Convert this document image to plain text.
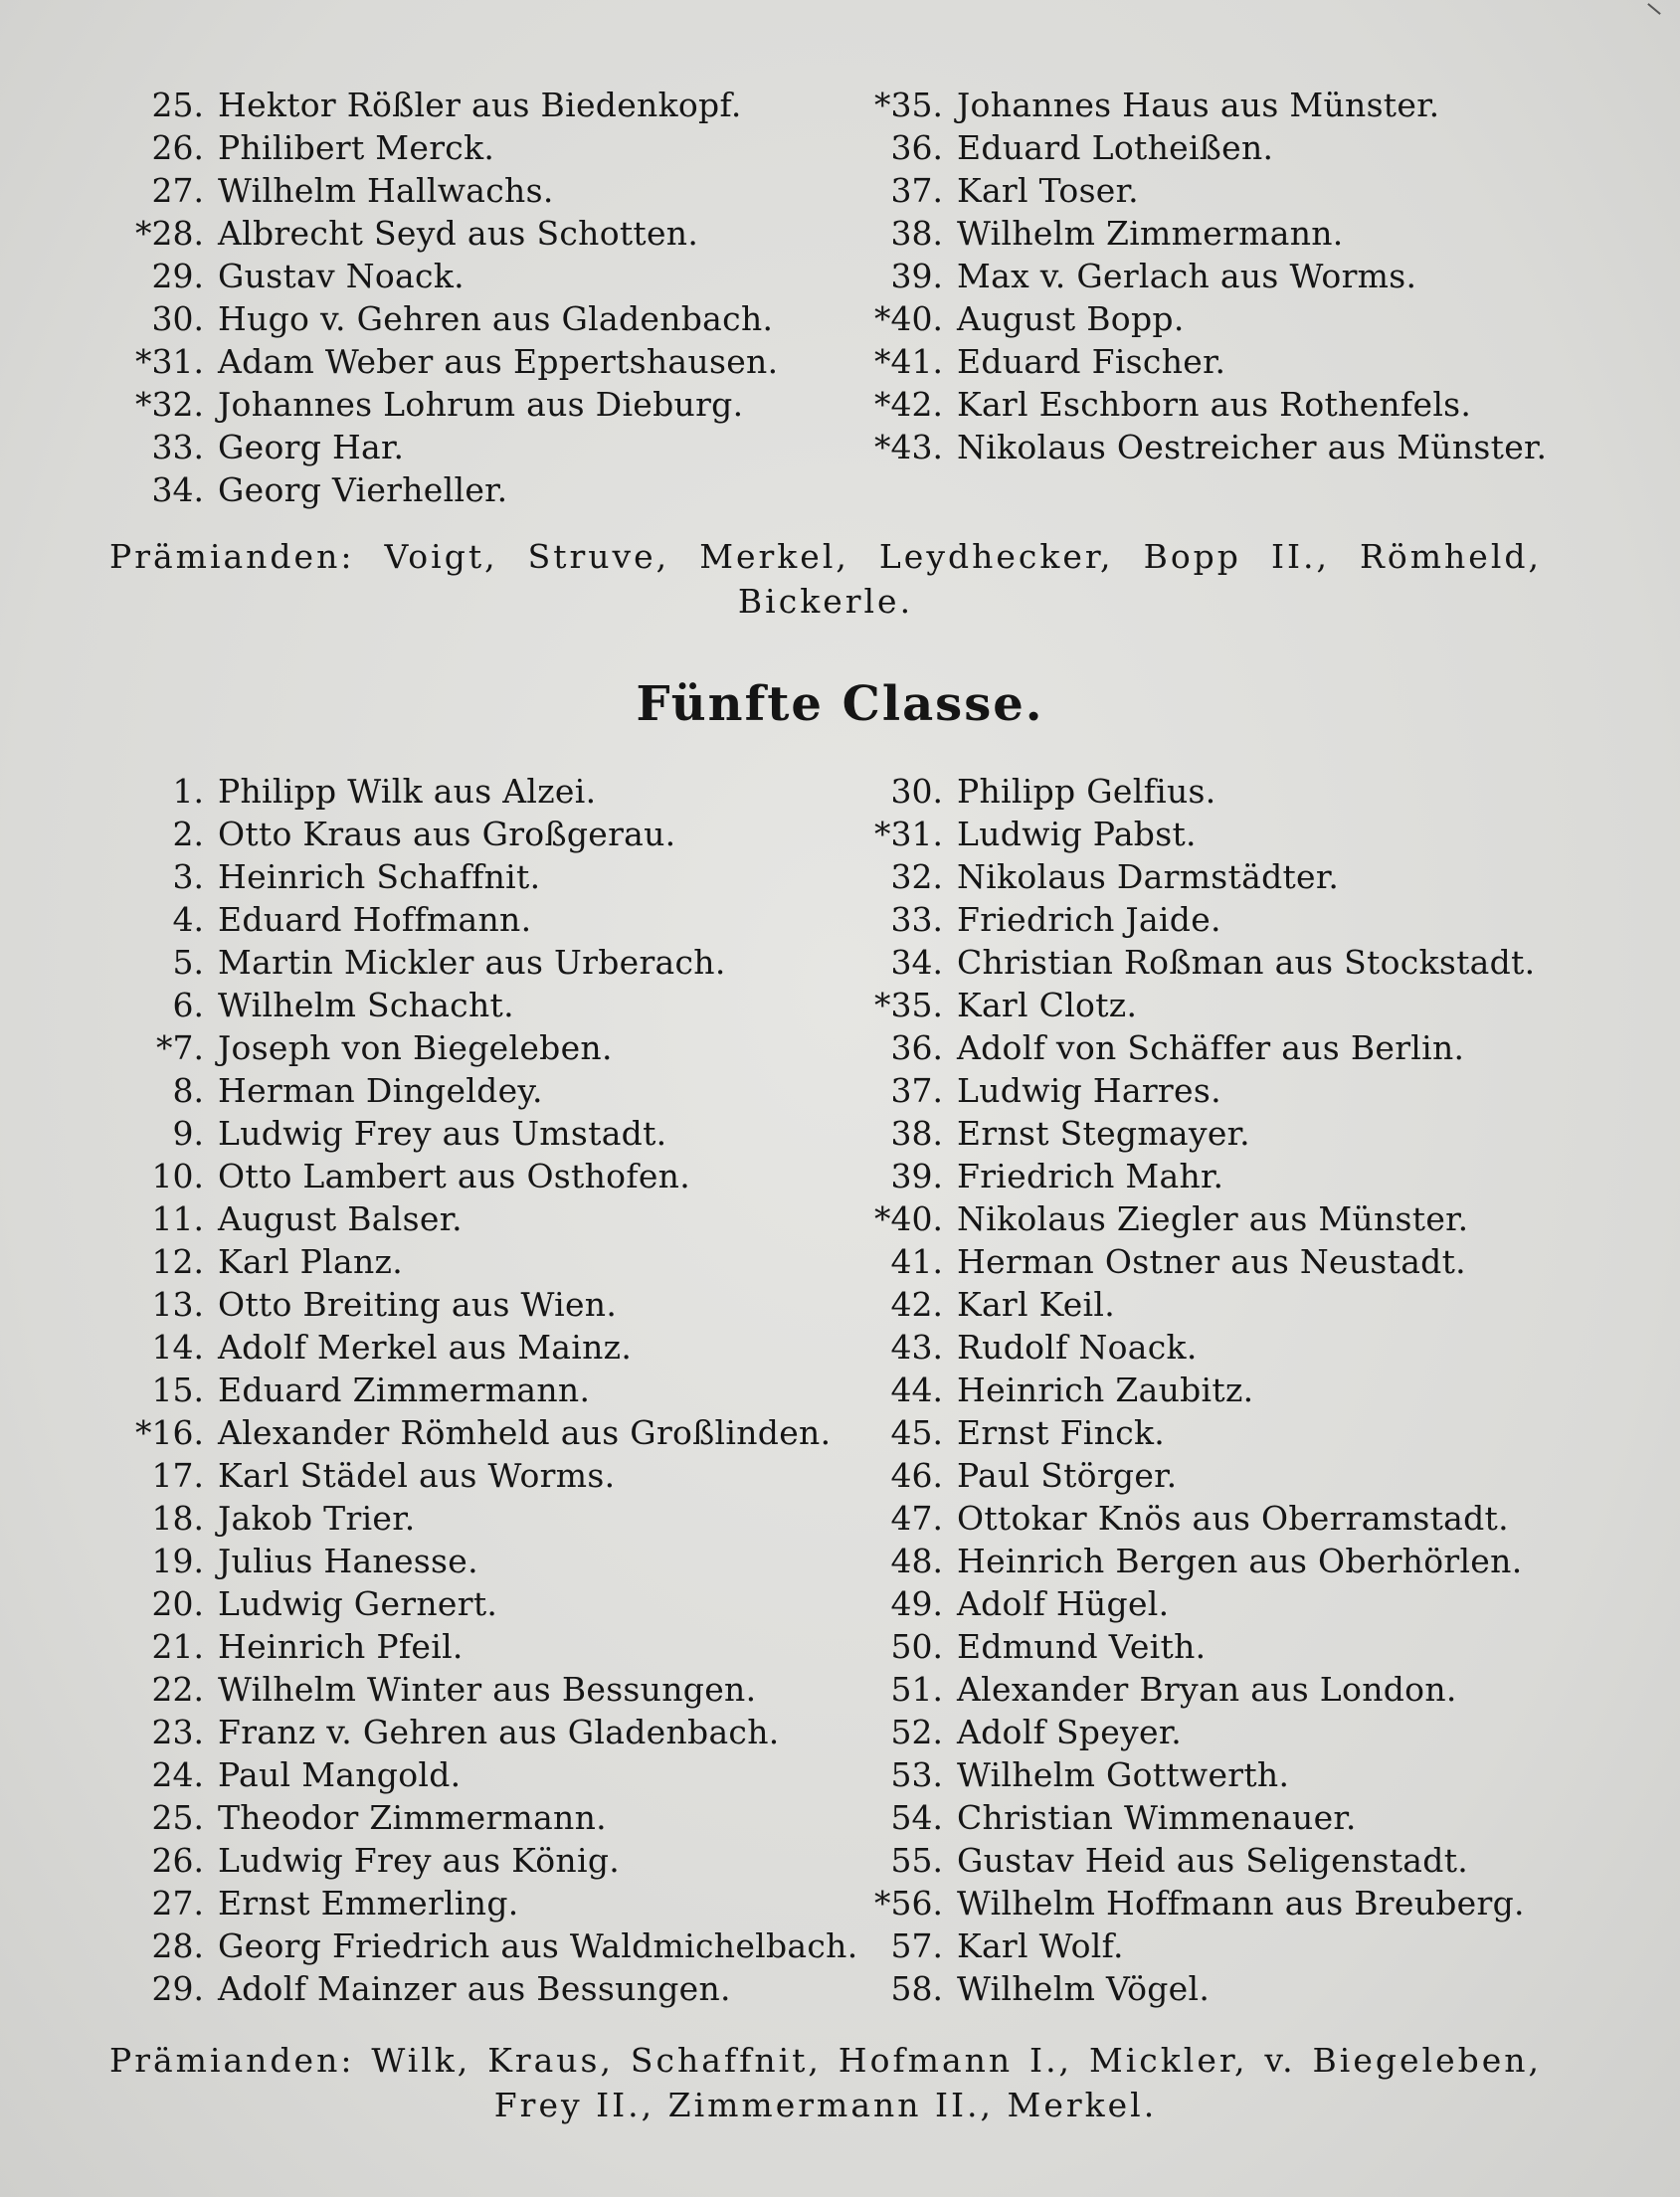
25. Hektor Rößler aus Biedenkopf.
26. Philibert Merck.
27. Wilhelm Hallwachs.
*28. Albrecht Seyd aus Schotten.
29. Gustav Noack.
30. Hugo v. Gehren aus Gladenbach.
*31. Adam Weber aus Eppertshausen.
*32. Johannes Lohrum aus Dieburg.
33. Georg Har.
34. Georg Vierheller.
*35. Johannes Haus aus Münster.
36. Eduard Lotheißen.
37. Karl Toser.
38. Wilhelm Zimmermann.
39. Max v. Gerlach aus Worms.
*40. August Bopp.
*41. Eduard Fischer.
*42. Karl Eschborn aus Rothenfels.
*43. Nikolaus Oestreicher aus Münster.
Prämianden: Voigt, Struve, Merkel, Leydhecker, Bopp II., Römheld, Bickerle.
Fünfte Classe.
1. Philipp Wilk aus Alzei.
2. Otto Kraus aus Großgerau.
3. Heinrich Schaffnit.
4. Eduard Hoffmann.
5. Martin Mickler aus Urberach.
6. Wilhelm Schacht.
*7. Joseph von Biegeleben.
8. Herman Dingeldey.
9. Ludwig Frey aus Umstadt.
10. Otto Lambert aus Osthofen.
11. August Balser.
12. Karl Planz.
13. Otto Breiting aus Wien.
14. Adolf Merkel aus Mainz.
15. Eduard Zimmermann.
*16. Alexander Römheld aus Großlinden.
17. Karl Städel aus Worms.
18. Jakob Trier.
19. Julius Hanesse.
20. Ludwig Gernert.
21. Heinrich Pfeil.
22. Wilhelm Winter aus Bessungen.
23. Franz v. Gehren aus Gladenbach.
24. Paul Mangold.
25. Theodor Zimmermann.
26. Ludwig Frey aus König.
27. Ernst Emmerling.
28. Georg Friedrich aus Waldmichelbach.
29. Adolf Mainzer aus Bessungen.
30. Philipp Gelfius.
*31. Ludwig Pabst.
32. Nikolaus Darmstädter.
33. Friedrich Jaide.
34. Christian Roßman aus Stockstadt.
*35. Karl Clotz.
36. Adolf von Schäffer aus Berlin.
37. Ludwig Harres.
38. Ernst Stegmayer.
39. Friedrich Mahr.
*40. Nikolaus Ziegler aus Münster.
41. Herman Ostner aus Neustadt.
42. Karl Keil.
43. Rudolf Noack.
44. Heinrich Zaubitz.
45. Ernst Finck.
46. Paul Störger.
47. Ottokar Knös aus Oberramstadt.
48. Heinrich Bergen aus Oberhörlen.
49. Adolf Hügel.
50. Edmund Veith.
51. Alexander Bryan aus London.
52. Adolf Speyer.
53. Wilhelm Gottwerth.
54. Christian Wimmenauer.
55. Gustav Heid aus Seligenstadt.
*56. Wilhelm Hoffmann aus Breuberg.
57. Karl Wolf.
58. Wilhelm Vögel.
Prämianden: Wilk, Kraus, Schaffnit, Hofmann I., Mickler, v. Biegeleben, Frey II., Zimmermann II., Merkel.
